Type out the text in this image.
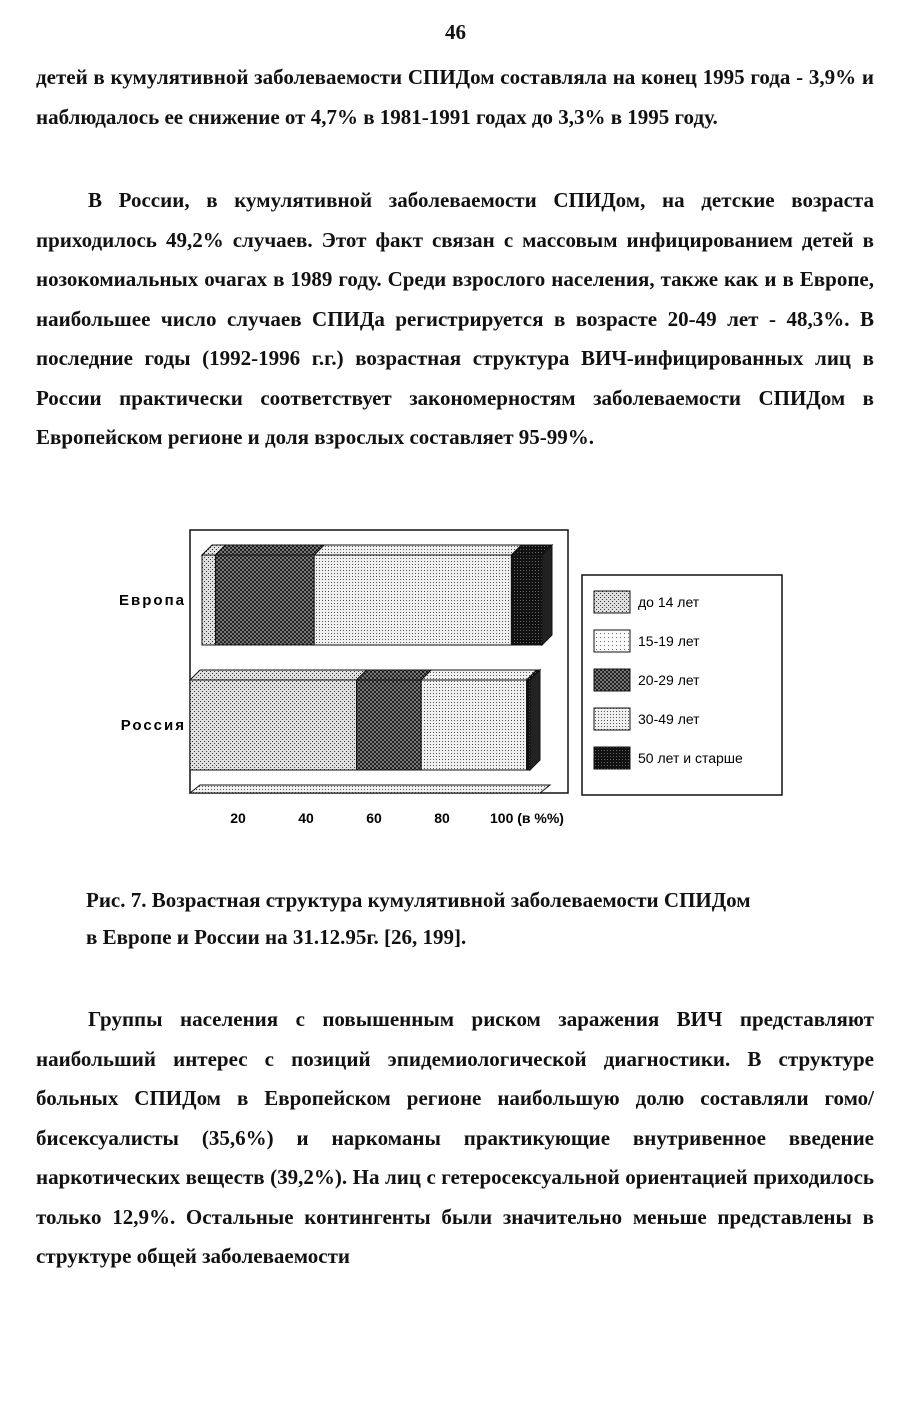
46

детей в кумулятивной заболеваемости СПИДом составляла на конец 1995 года - 3,9% и наблюдалось ее снижение от 4,7% в 1981-1991 годах до 3,3% в 1995 году.

В России, в кумулятивной заболеваемости СПИДом, на детские возраста приходилось 49,2% случаев. Этот факт связан с массовым инфицированием детей в нозокомиальных очагах в 1989 году. Среди взрослого населения, также как и в Европе, наибольшее число случаев СПИДа регистрируется в возрасте 20-49 лет - 48,3%. В последние годы (1992-1996 г.г.) возрастная структура ВИЧ-инфицированных лиц в России практически соответствует закономерностям заболеваемости СПИДом в Европейском регионе и доля взрослых составляет 95-99%.

Европа
Россия
20	40	60	80	100 (в %%)
до 14 лет
15-19 лет
20-29 лет
30-49 лет
50 лет и старше
Рис. 7. Возрастная структура кумулятивной заболеваемости СПИДом
в Европе и России на 31.12.95г. [26, 199].

Группы населения с повышенным риском заражения ВИЧ представляют наибольший интерес с позиций эпидемиологической диагностики. В структуре больных СПИДом в Европейском регионе наибольшую долю составляли гомо/бисексуалисты (35,6%) и наркоманы практикующие внутривенное введение наркотических веществ (39,2%). На лиц с гетеросексуальной ориентацией приходилось только 12,9%. Остальные контингенты были значительно меньше представлены в структуре общей заболеваемости
